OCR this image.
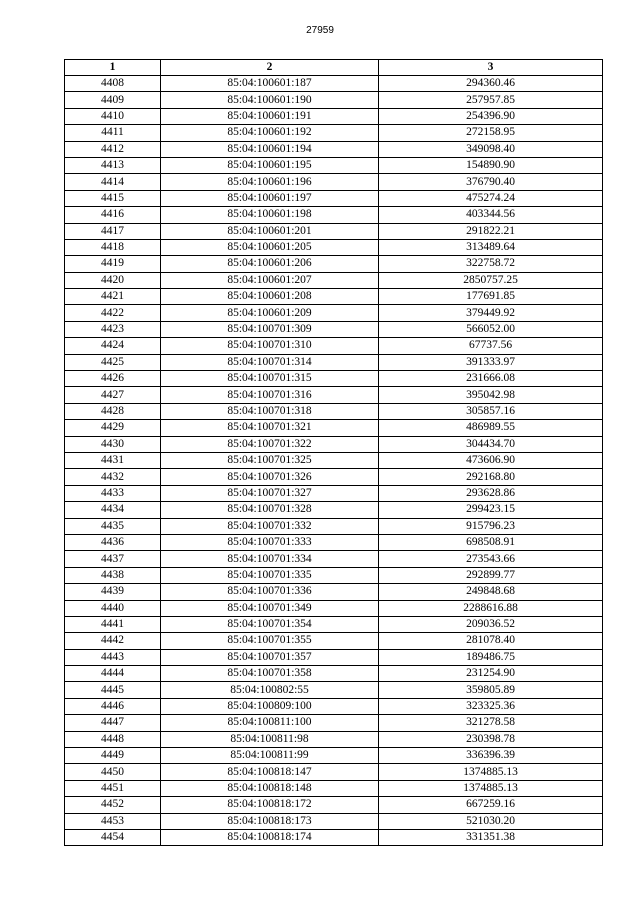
27959
1	2	3
4408	85:04:100601:187	294360.46
4409	85:04:100601:190	257957.85
4410	85:04:100601:191	254396.90
4411	85:04:100601:192	272158.95
4412	85:04:100601:194	349098.40
4413	85:04:100601:195	154890.90
4414	85:04:100601:196	376790.40
4415	85:04:100601:197	475274.24
4416	85:04:100601:198	403344.56
4417	85:04:100601:201	291822.21
4418	85:04:100601:205	313489.64
4419	85:04:100601:206	322758.72
4420	85:04:100601:207	2850757.25
4421	85:04:100601:208	177691.85
4422	85:04:100601:209	379449.92
4423	85:04:100701:309	566052.00
4424	85:04:100701:310	67737.56
4425	85:04:100701:314	391333.97
4426	85:04:100701:315	231666.08
4427	85:04:100701:316	395042.98
4428	85:04:100701:318	305857.16
4429	85:04:100701:321	486989.55
4430	85:04:100701:322	304434.70
4431	85:04:100701:325	473606.90
4432	85:04:100701:326	292168.80
4433	85:04:100701:327	293628.86
4434	85:04:100701:328	299423.15
4435	85:04:100701:332	915796.23
4436	85:04:100701:333	698508.91
4437	85:04:100701:334	273543.66
4438	85:04:100701:335	292899.77
4439	85:04:100701:336	249848.68
4440	85:04:100701:349	2288616.88
4441	85:04:100701:354	209036.52
4442	85:04:100701:355	281078.40
4443	85:04:100701:357	189486.75
4444	85:04:100701:358	231254.90
4445	85:04:100802:55	359805.89
4446	85:04:100809:100	323325.36
4447	85:04:100811:100	321278.58
4448	85:04:100811:98	230398.78
4449	85:04:100811:99	336396.39
4450	85:04:100818:147	1374885.13
4451	85:04:100818:148	1374885.13
4452	85:04:100818:172	667259.16
4453	85:04:100818:173	521030.20
4454	85:04:100818:174	331351.38
